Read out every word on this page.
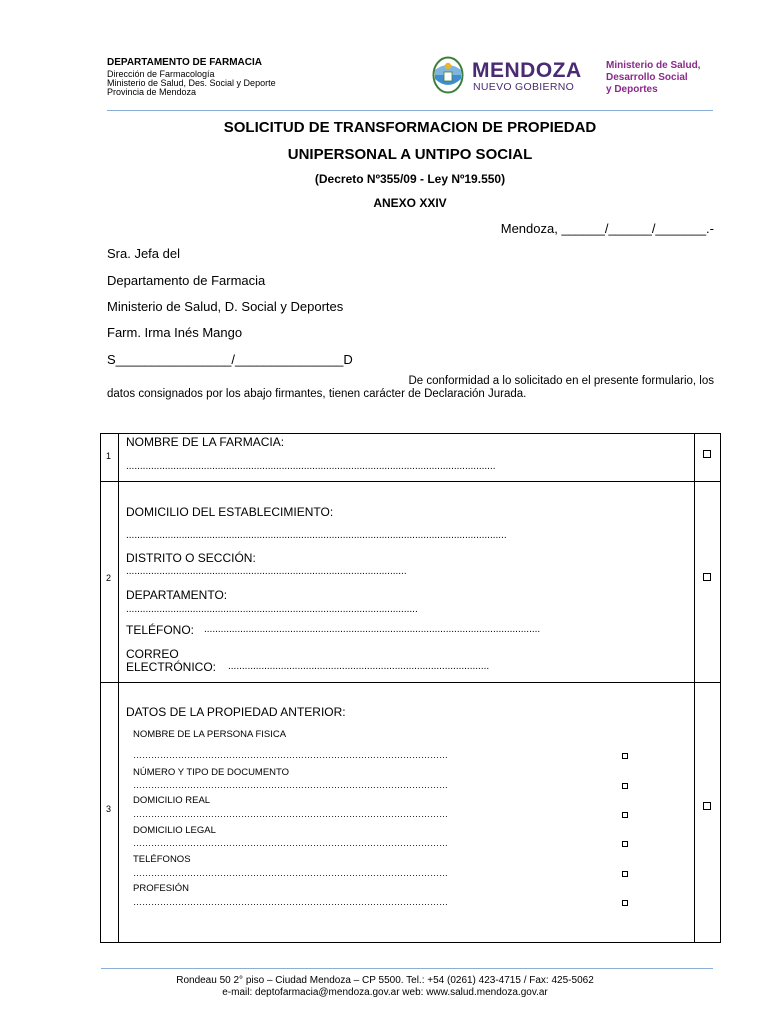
DEPARTAMENTO DE FARMACIA
Dirección de Farmacología
Ministerio de Salud, Des. Social y Deporte
Provincia de Mendoza
MENDOZA
NUEVO GOBIERNO
Ministerio de Salud,
Desarrollo Social
y Deportes
SOLICITUD DE TRANSFORMACION DE PROPIEDAD
UNIPERSONAL A UNTIPO SOCIAL
(Decreto Nº355/09 - Ley Nº19.550)
ANEXO XXIV
Mendoza, ______/______/_______.-
Sra. Jefa del
Departamento de Farmacia
Ministerio de Salud, D. Social y Deportes
Farm. Irma Inés Mango
S________________/_______________D
De conformidad a lo solicitado en el presente formulario, los
datos consignados por los abajo firmantes, tienen carácter de Declaración Jurada.
1
NOMBRE DE LA FARMACIA:
.....................................................................................................................................
2
DOMICILIO DEL ESTABLECIMIENTO:
.........................................................................................................................................
DISTRITO O SECCIÓN:
.....................................................................................................
DEPARTAMENTO:
.........................................................................................................
TELÉFONO: .........................................................................................................................
CORREO
ELECTRÓNICO: ..............................................................................................
3
DATOS DE LA PROPIEDAD ANTERIOR:
NOMBRE DE LA PERSONA FISICA
……………………………………………………………………………………………
NÚMERO Y TIPO DE DOCUMENTO
……………………………………………………………………………………………
DOMICILIO REAL
……………………………………………………………………………………………
DOMICILIO LEGAL
……………………………………………………………………………………………
TELÉFONOS
……………………………………………………………………………………………
PROFESIÓN
……………………………………………………………………………………………
Rondeau 50 2° piso – Ciudad Mendoza – CP 5500. Tel.: +54 (0261) 423-4715 / Fax: 425-5062
e-mail: deptofarmacia@mendoza.gov.ar web: www.salud.mendoza.gov.ar
